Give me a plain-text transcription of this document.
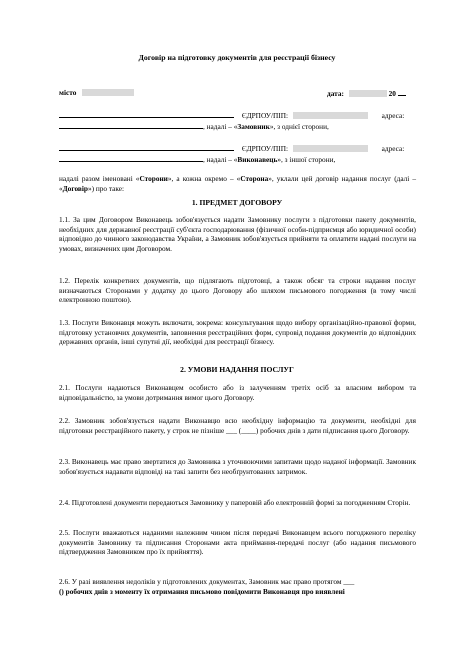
Договір на підготовку документів для реєстрації бізнесу
місто	дата:	20
ЄДРПОУ/ПІП:	адреса:
, надалі – «Замовник», з однієї сторони,
ЄДРПОУ/ПІП:	адреса:
, надалі – «Виконавець», з іншої сторони,
надалі разом іменовані «Сторони», а кожна окремо – «Сторона», уклали цей договір надання послуг (далі – «Договір») про таке:
1. ПРЕДМЕТ ДОГОВОРУ
1.1. За цим Договором Виконавець зобов'язується надати Замовнику послуги з підготовки пакету документів, необхідних для державної реєстрації суб'єкта господарювання (фізичної особи-підприємця або юридичної особи) відповідно до чинного законодавства України, а Замовник зобов'язується прийняти та оплатити надані послуги на умовах, визначених цим Договором.
1.2. Перелік конкретних документів, що підлягають підготовці, а також обсяг та строки надання послуг визначаються Сторонами у додатку до цього Договору або шляхом письмового погодження (в тому числі електронною поштою).
1.3. Послуги Виконавця можуть включати, зокрема: консультування щодо вибору організаційно-правової форми, підготовку установчих документів, заповнення реєстраційних форм, супровід подання документів до відповідних державних органів, інші супутні дії, необхідні для реєстрації бізнесу.
2. УМОВИ НАДАННЯ ПОСЛУГ
2.1. Послуги надаються Виконавцем особисто або із залученням третіх осіб за власним вибором та відповідальністю, за умови дотримання вимог цього Договору.
2.2. Замовник зобов'язується надати Виконавцю всю необхідну інформацію та документи, необхідні для підготовки реєстраційного пакету, у строк не пізніше ___ (____) робочих днів з дати підписання цього Договору.
2.3. Виконавець має право звертатися до Замовника з уточнюючими запитами щодо наданої інформації. Замовник зобов'язується надавати відповіді на такі запити без необґрунтованих затримок.
2.4. Підготовлені документи передаються Замовнику у паперовій або електронній формі за погодженням Сторін.
2.5. Послуги вважаються наданими належним чином після передачі Виконавцем всього погодженого переліку документів Замовнику та підписання Сторонами акта приймання-передачі послуг (або надання письмового підтвердження Замовником про їх прийняття).
2.6. У разі виявлення недоліків у підготовлених документах, Замовник має право протягом ___
() робочих днів з моменту їх отримання письмово повідомити Виконавця про виявлені
